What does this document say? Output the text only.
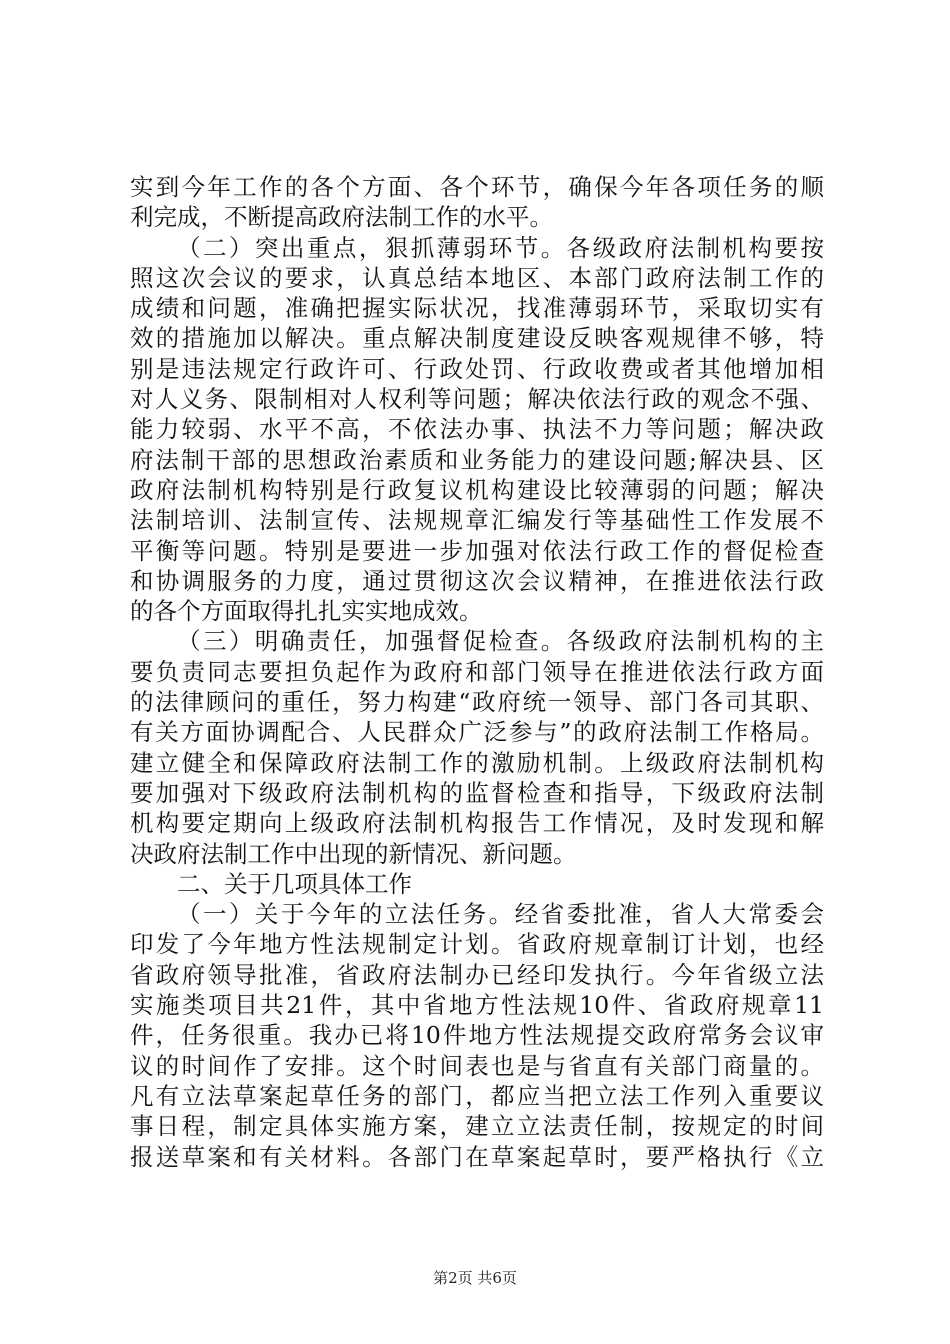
实到今年工作的各个方面、各个环节，确保今年各项任务的顺
利完成，不断提高政府法制工作的水平。
（二）突出重点，狠抓薄弱环节。各级政府法制机构要按
照这次会议的要求，认真总结本地区、本部门政府法制工作的
成绩和问题，准确把握实际状况，找准薄弱环节，采取切实有
效的措施加以解决。重点解决制度建设反映客观规律不够，特
别是违法规定行政许可、行政处罚、行政收费或者其他增加相
对人义务、限制相对人权利等问题；解决依法行政的观念不强、
能力较弱、水平不高，不依法办事、执法不力等问题；解决政
府法制干部的思想政治素质和业务能力的建设问题;解决县、区
政府法制机构特别是行政复议机构建设比较薄弱的问题；解决
法制培训、法制宣传、法规规章汇编发行等基础性工作发展不
平衡等问题。特别是要进一步加强对依法行政工作的督促检查
和协调服务的力度，通过贯彻这次会议精神，在推进依法行政
的各个方面取得扎扎实实地成效。
（三）明确责任，加强督促检查。各级政府法制机构的主
要负责同志要担负起作为政府和部门领导在推进依法行政方面
的法律顾问的重任，努力构建“政府统一领导、部门各司其职、
有关方面协调配合、人民群众广泛参与”的政府法制工作格局。
建立健全和保障政府法制工作的激励机制。上级政府法制机构
要加强对下级政府法制机构的监督检查和指导，下级政府法制
机构要定期向上级政府法制机构报告工作情况，及时发现和解
决政府法制工作中出现的新情况、新问题。
二、关于几项具体工作
（一）关于今年的立法任务。经省委批准，省人大常委会
印发了今年地方性法规制定计划。省政府规章制订计划，也经
省政府领导批准，省政府法制办已经印发执行。今年省级立法
实施类项目共21件，其中省地方性法规10件、省政府规章11
件，任务很重。我办已将10件地方性法规提交政府常务会议审
议的时间作了安排。这个时间表也是与省直有关部门商量的。
凡有立法草案起草任务的部门，都应当把立法工作列入重要议
事日程，制定具体实施方案，建立立法责任制，按规定的时间
报送草案和有关材料。各部门在草案起草时，要严格执行《立
第2页 共6页
